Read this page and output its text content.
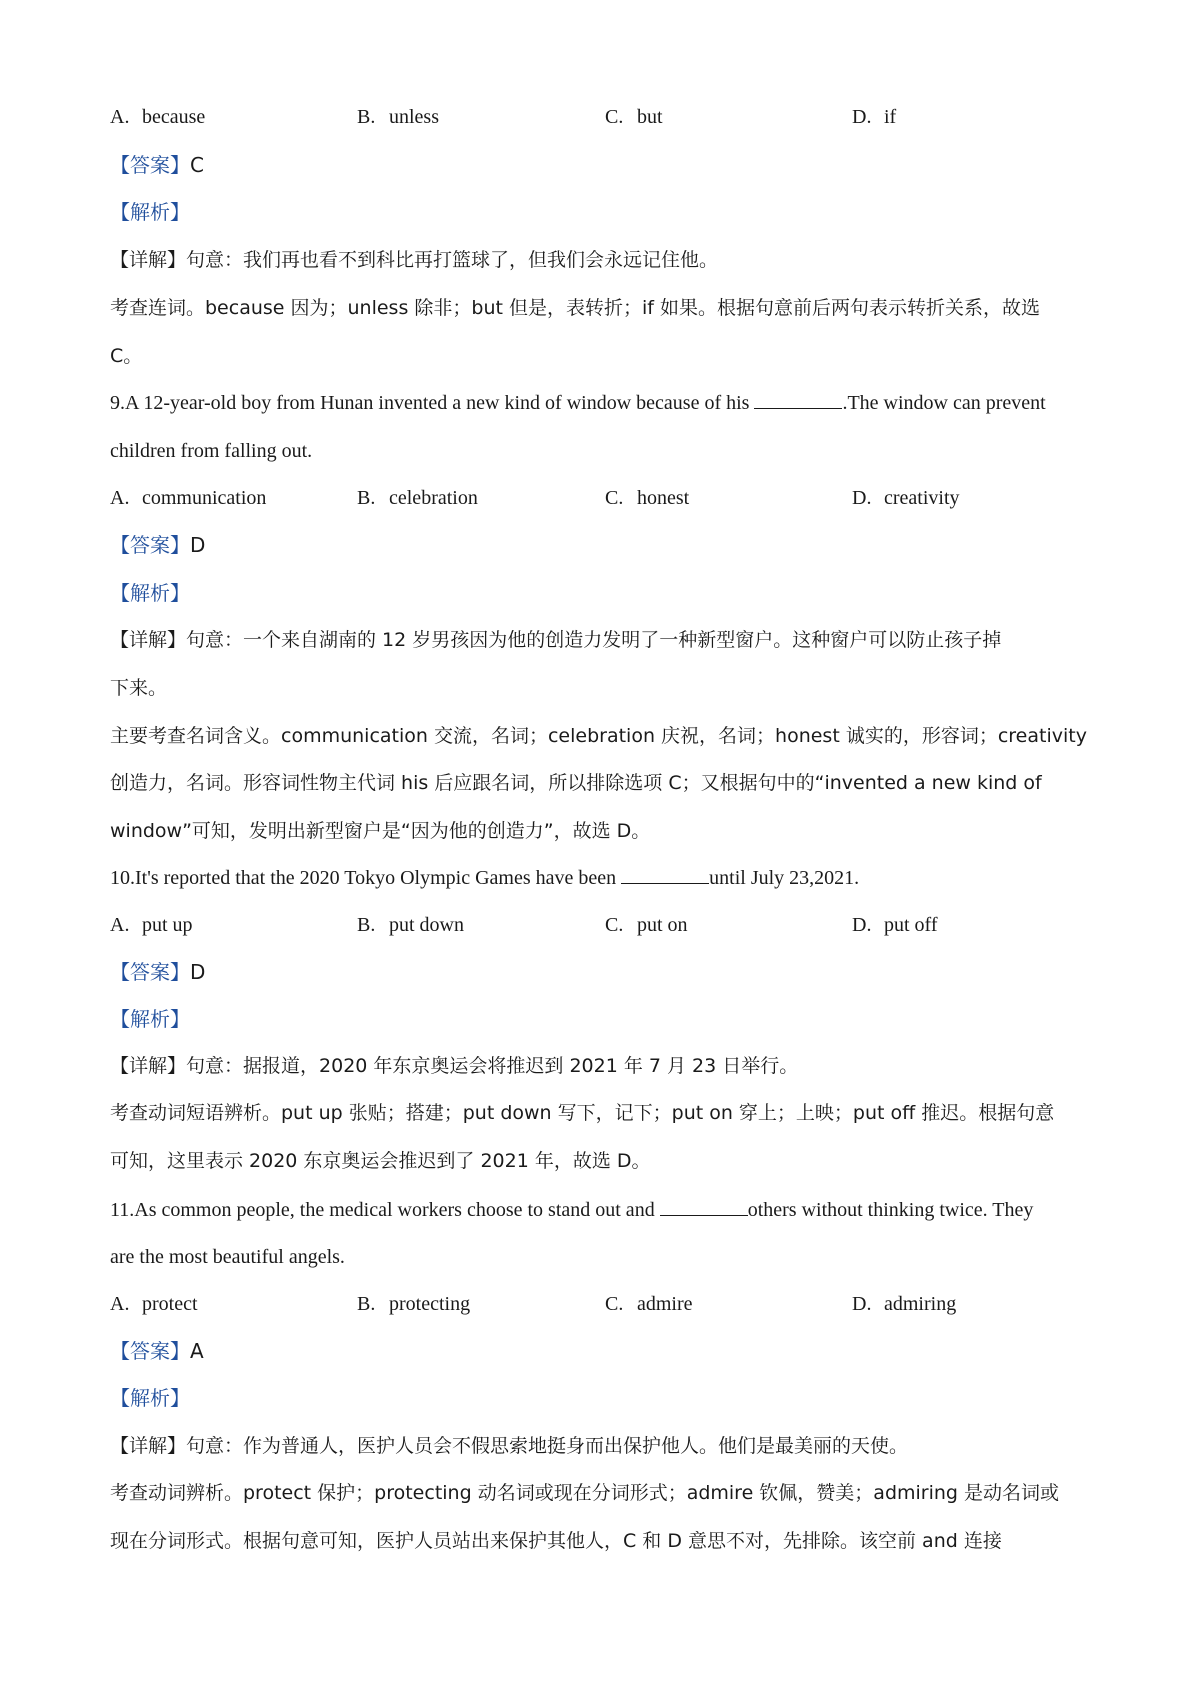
A. because	B. unless	C. but	D. if
【答案】C
【解析】
【详解】句意：我们再也看不到科比再打篮球了，但我们会永远记住他。
考查连词。because 因为；unless 除非；but 但是，表转折；if 如果。根据句意前后两句表示转折关系，故选
C。
9.A 12-year-old boy from Hunan invented a new kind of window because of his	.The window can prevent
children from falling out.
A. communication	B. celebration	C. honest	D. creativity
【答案】D
【解析】
【详解】句意：一个来自湖南的 12 岁男孩因为他的创造力发明了一种新型窗户。这种窗户可以防止孩子掉
下来。
主要考查名词含义。communication 交流，名词；celebration 庆祝，名词；honest 诚实的，形容词；creativity
创造力，名词。形容词性物主代词 his 后应跟名词，所以排除选项 C；又根据句中的“invented a new kind of
window”可知，发明出新型窗户是“因为他的创造力”，故选 D。
10.It's reported that the 2020 Tokyo Olympic Games have been	until July 23,2021.
A. put up	B. put down	C. put on	D. put off
【答案】D
【解析】
【详解】句意：据报道，2020 年东京奥运会将推迟到 2021 年 7 月 23 日举行。
考查动词短语辨析。put up 张贴；搭建；put down 写下，记下；put on 穿上；上映；put off 推迟。根据句意
可知，这里表示 2020 东京奥运会推迟到了 2021 年，故选 D。
11.As common people, the medical workers choose to stand out and	others without thinking twice. They
are the most beautiful angels.
A. protect	B. protecting	C. admire	D. admiring
【答案】A
【解析】
【详解】句意：作为普通人，医护人员会不假思索地挺身而出保护他人。他们是最美丽的天使。
考查动词辨析。protect 保护；protecting 动名词或现在分词形式；admire 钦佩，赞美；admiring 是动名词或
现在分词形式。根据句意可知，医护人员站出来保护其他人，C 和 D 意思不对，先排除。该空前 and 连接
